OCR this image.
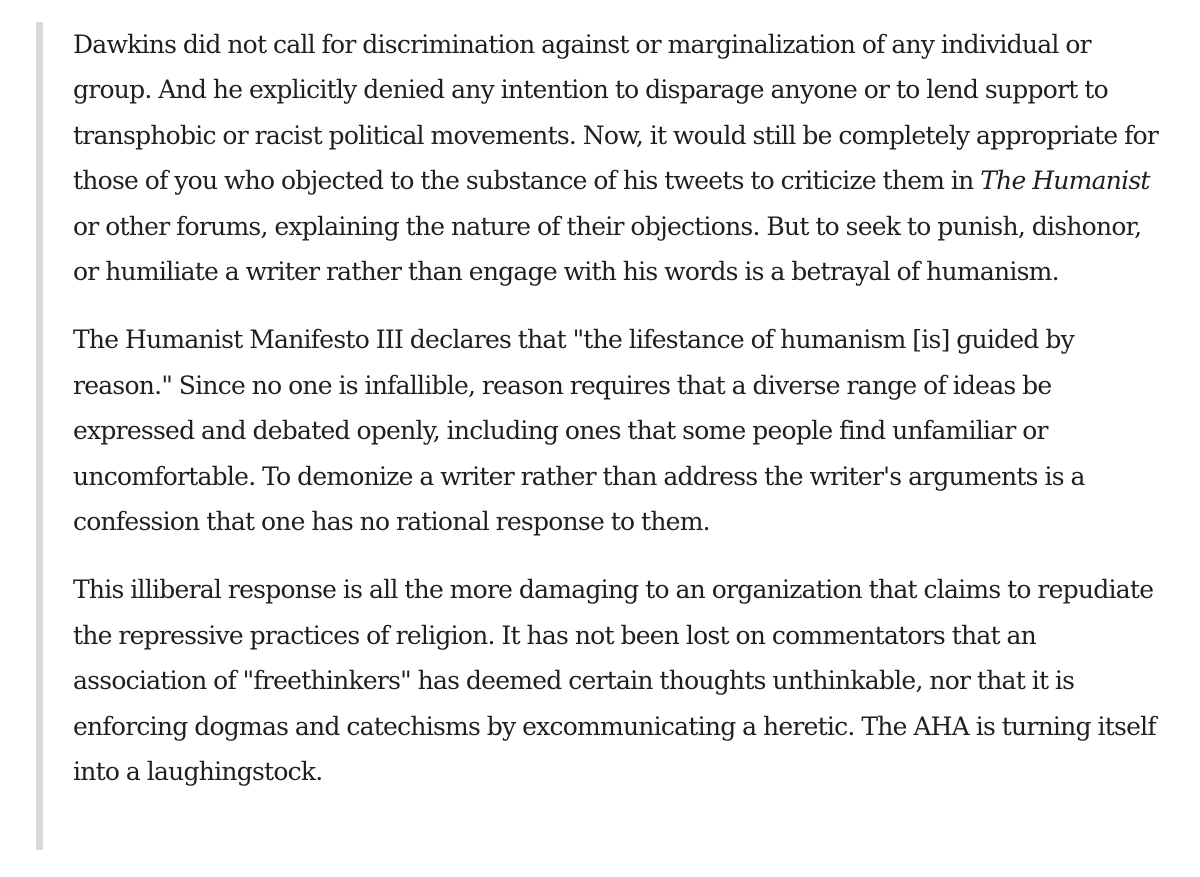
Dawkins did not call for discrimination against or marginalization of any individual or group. And he explicitly denied any intention to disparage anyone or to lend support to transphobic or racist political movements. Now, it would still be completely appropriate for those of you who objected to the substance of his tweets to criticize them in The Humanist or other forums, explaining the nature of their objections. But to seek to punish, dishonor, or humiliate a writer rather than engage with his words is a betrayal of humanism.

The Humanist Manifesto III declares that "the lifestance of humanism [is] guided by reason." Since no one is infallible, reason requires that a diverse range of ideas be expressed and debated openly, including ones that some people find unfamiliar or uncomfortable. To demonize a writer rather than address the writer's arguments is a confession that one has no rational response to them.

This illiberal response is all the more damaging to an organization that claims to repudiate the repressive practices of religion. It has not been lost on commentators that an association of "freethinkers" has deemed certain thoughts unthinkable, nor that it is enforcing dogmas and catechisms by excommunicating a heretic. The AHA is turning itself into a laughingstock.
